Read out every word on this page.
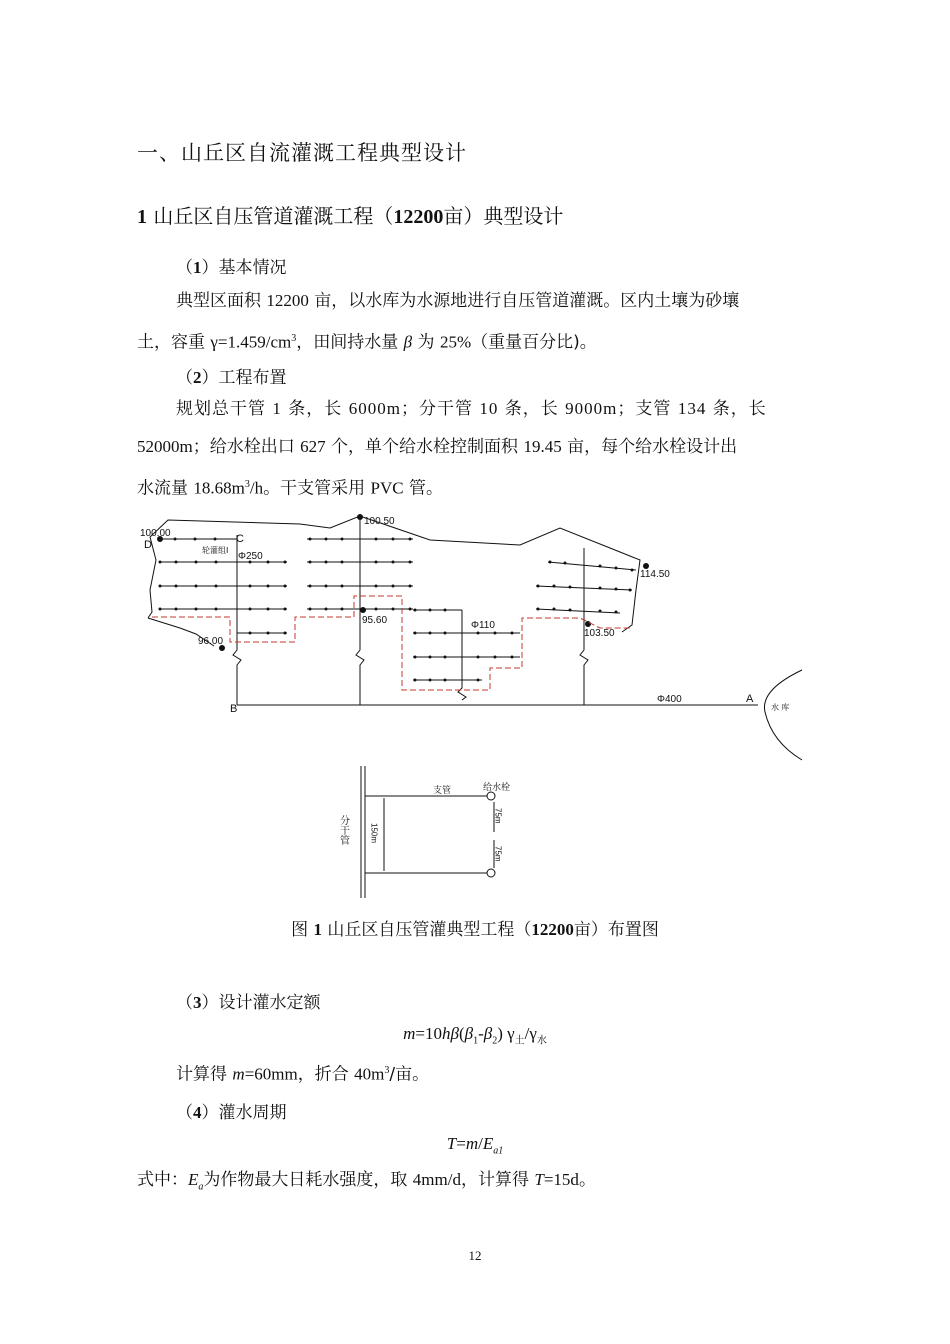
一、山丘区自流灌溉工程典型设计
1 山丘区自压管道灌溉工程（12200亩）典型设计
（1）基本情况
典型区面积 12200 亩，以水库为水源地进行自压管道灌溉。区内土壤为砂壤
土，容重 $\gamma=1.459/cm^3$，田间持水量 β 为 25%（重量百分比)。
（2）工程布置
规划总干管 1 条，长 6000m；分干管 10 条，长 9000m；支管 134 条，长
52000m；给水栓出口 627 个，单个给水栓控制面积 19.45 亩，每个给水栓设计出
水流量 $18.68m^3/h$。干支管采用 PVC 管。
100.00
D	C
轮灌组Ⅰ
Φ250
100.50
114.50
95.60	Φ110
103.50
96.00
B
Φ400	A
水 库
分干管
支管	给水栓
150m
75m
75m
图 1 山丘区自压管灌典型工程（12200亩）布置图
（3）设计灌水定额
$m=10h\beta(\beta_1-\beta_2)$ $\gamma_土/\gamma_水$
计算得 m=60mm，折合 $40m^3/$亩。
（4）灌水周期
$T=m/E_{a1}$
式中：$E_a$为作物最大日耗水强度，取 4mm/d，计算得 T=15d。
12
